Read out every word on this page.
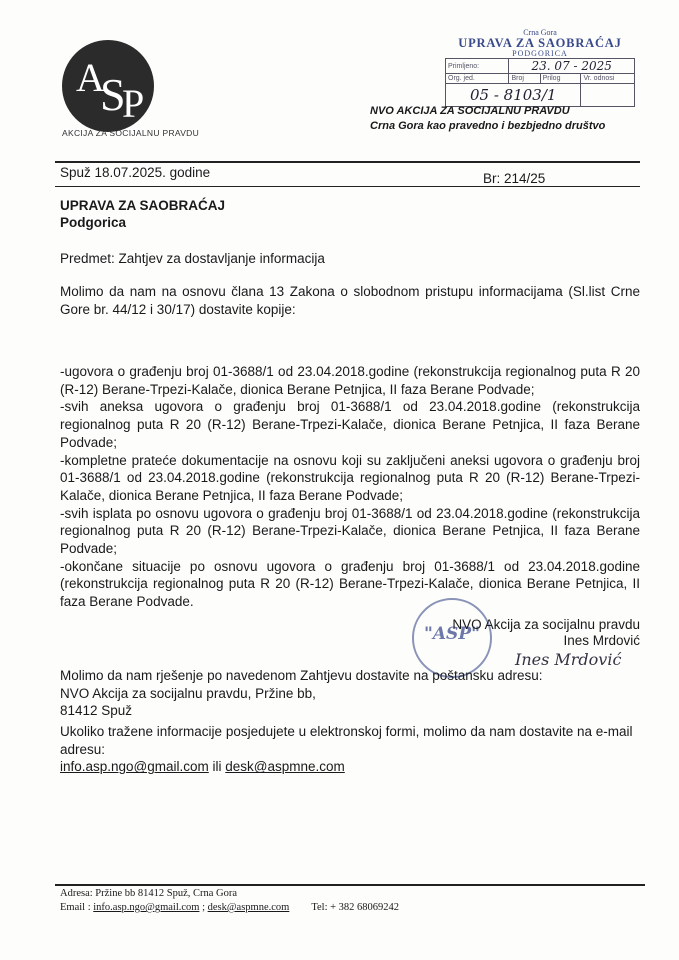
A
S
P
AKCIJA ZA SOCIJALNU PRAVDU
Crna Gora
UPRAVA ZA SAOBRAĆAJ
PODGORICA
Primljeno:	23. 07 - 2025		
Org. jed.	Broj	Prilog	Vr. odnosi
05 - 8103/1			
NVO AKCIJA ZA SOCIJALNU PRAVDU
Crna Gora kao pravedno i bezbjedno društvo
Spuž 18.07.2025. godine	Br: 214/25
UPRAVA ZA SAOBRAĆAJ
Podgorica
Predmet: Zahtjev za dostavljanje informacija
Molimo da nam na osnovu člana 13 Zakona o slobodnom pristupu informacijama (Sl.list Crne Gore br. 44/12 i 30/17) dostavite kopije:

-ugovora o građenju broj 01-3688/1 od 23.04.2018.godine (rekonstrukcija regionalnog puta R 20 (R-12) Berane-Trpezi-Kalače, dionica Berane Petnjica, II faza Berane Podvade;

-svih aneksa ugovora o građenju broj 01-3688/1 od 23.04.2018.godine (rekonstrukcija regionalnog puta R 20 (R-12) Berane-Trpezi-Kalače, dionica Berane Petnjica, II faza Berane Podvade;

-kompletne prateće dokumentacije na osnovu koji su zaključeni aneksi ugovora o građenju broj 01-3688/1 od 23.04.2018.godine (rekonstrukcija regionalnog puta R 20 (R-12) Berane-Trpezi-Kalače, dionica Berane Petnjica, II faza Berane Podvade;

-svih isplata po osnovu ugovora o građenju broj 01-3688/1 od 23.04.2018.godine (rekonstrukcija regionalnog puta R 20 (R-12) Berane-Trpezi-Kalače, dionica Berane Petnjica, II faza Berane Podvade;

-okončane situacije po osnovu ugovora o građenju broj 01-3688/1 od 23.04.2018.godine (rekonstrukcija regionalnog puta R 20 (R-12) Berane-Trpezi-Kalače, dionica Berane Petnjica, II faza Berane Podvade.

"ASP"
NVO Akcija za socijalnu pravdu
Ines Mrdović
Ines Mrdović
Molimo da nam rješenje po navedenom Zahtjevu dostavite na poštansku adresu:
NVO Akcija za socijalnu pravdu, Pržine bb,
81412 Spuž
Ukoliko tražene informacije posjedujete u elektronskoj formi, molimo da nam dostavite na e-mail adresu:
info.asp.ngo@gmail.com ili desk@aspmne.com
Adresa: Pržine bb 81412 Spuž, Crna Gora
Email : info.asp.ngo@gmail.com ; desk@aspmne.com Tel: + 382 68069242
